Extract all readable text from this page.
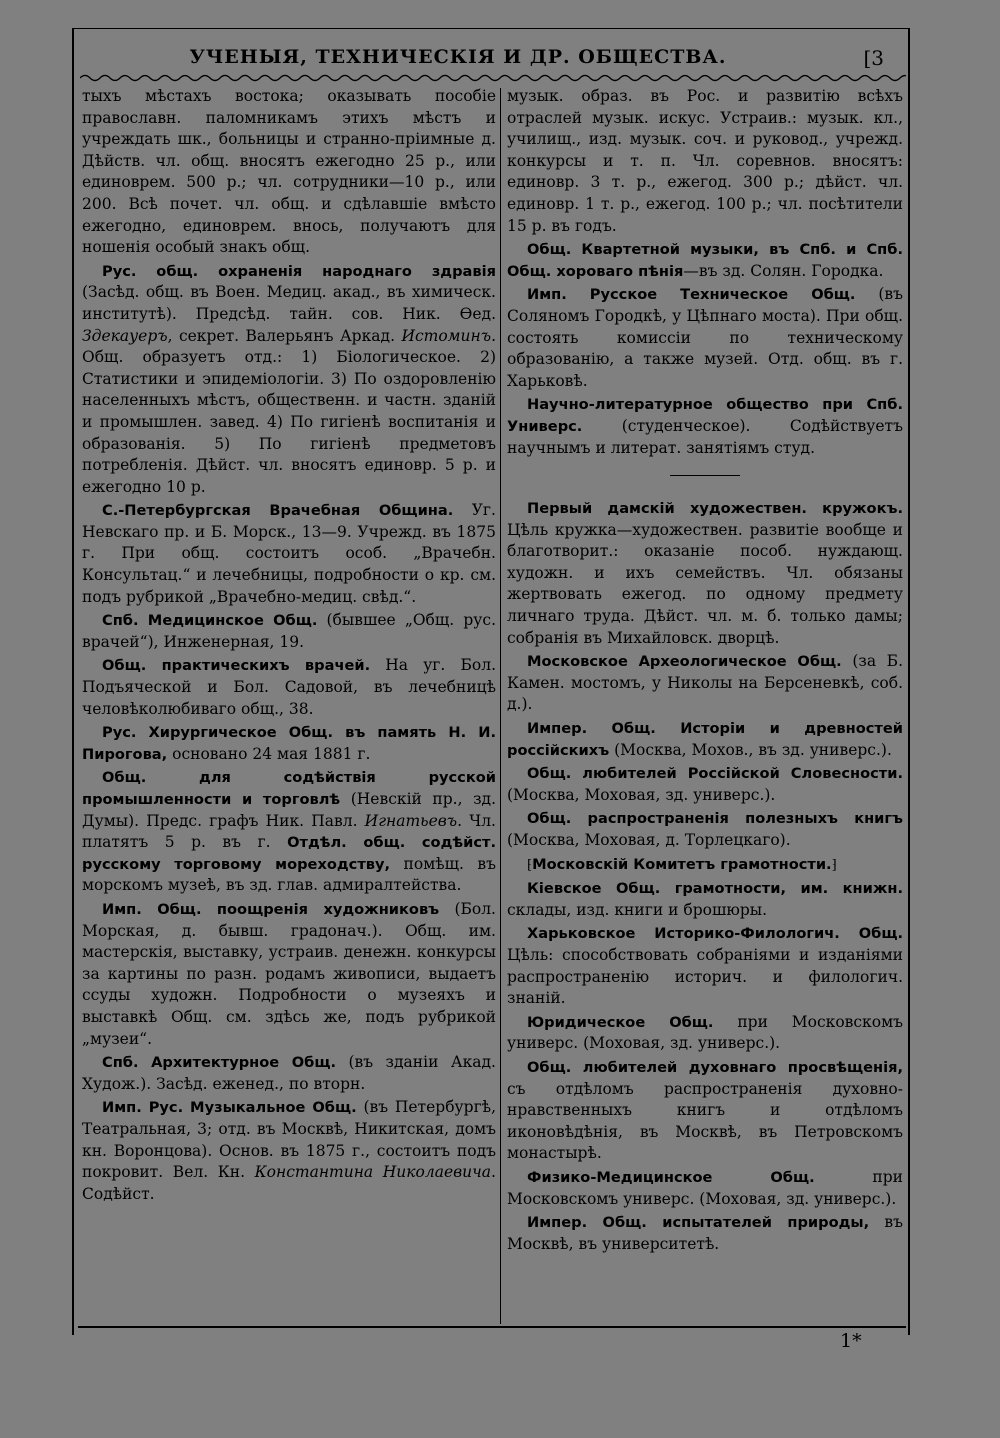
УЧЕНЫЯ, ТЕХНИЧЕСКІЯ И ДР. ОБЩЕСТВА.	[3

тыхъ мѣстахъ востока; оказывать пособіе православн. паломникамъ этихъ мѣстъ и учреждать шк., больницы и странно-пріимные д. Дѣйств. чл. общ. вносятъ ежегодно 25 р., или единоврем. 500 р.; чл. сотрудники—10 р., или 200. Всѣ почет. чл. общ. и сдѣлавшіе вмѣсто ежегодно, единоврем. внось, получаютъ для ношенія особый знакъ общ.

Рус. общ. охраненія народнаго здравія (Засѣд. общ. въ Воен. Медиц. акад., въ химическ. институтѣ). Предсѣд. тайн. сов. Ник. Ѳед. Здекауеръ, секрет. Валерьянъ Аркад. Истоминъ. Общ. образуетъ отд.: 1) Біологическое. 2) Статистики и эпидеміологіи. 3) По оздоровленію населенныхъ мѣстъ, общественн. и частн. зданій и промышлен. завед. 4) По гигіенѣ воспитанія и образованія. 5) По гигіенѣ предметовъ потребленія. Дѣйст. чл. вносятъ единовр. 5 р. и ежегодно 10 р.

С.-Петербургская Врачебная Община. Уг. Невскаго пр. и Б. Морск., 13—9. Учрежд. въ 1875 г. При общ. состоитъ особ. „Врачебн. Консультац.“ и лечебницы, подробности о кр. см. подъ рубрикой „Врачебно-медиц. свѣд.“.

Спб. Медицинское Общ. (бывшее „Общ. рус. врачей“), Инженерная, 19.

Общ. практическихъ врачей. На уг. Бол. Подъяческой и Бол. Садовой, въ лечебницѣ человѣколюбиваго общ., 38.

Рус. Хирургическое Общ. въ память Н. И. Пирогова, основано 24 мая 1881 г.

Общ. для содѣйствія русской промышленности и торговлѣ (Невскій пр., зд. Думы). Предс. графъ Ник. Павл. Игнатьевъ. Чл. платятъ 5 р. въ г. Отдѣл. общ. содѣйст. русскому торговому мореходству, помѣщ. въ морскомъ музеѣ, въ зд. глав. адмиралтейства.

Имп. Общ. поощренія художниковъ (Бол. Морская, д. бывш. градонач.). Общ. им. мастерскія, выставку, устраив. денежн. конкурсы за картины по разн. родамъ живописи, выдаетъ ссуды художн. Подробности о музеяхъ и выставкѣ Общ. см. здѣсь же, подъ рубрикой „музеи“.

Спб. Архитектурное Общ. (въ зданіи Акад. Худож.). Засѣд. еженед., по вторн.

Имп. Рус. Музыкальное Общ. (въ Петербургѣ, Театральная, 3; отд. въ Москвѣ, Никитская, домъ кн. Воронцова). Основ. въ 1875 г., состоитъ подъ покровит. Вел. Кн. Константина Николаевича. Содѣйст.

музык. образ. въ Рос. и развитію всѣхъ отраслей музык. искус. Устраив.: музык. кл., училищ., изд. музык. соч. и руковод., учрежд. конкурсы и т. п. Чл. соревнов. вносятъ: единовр. 3 т. р., ежегод. 300 р.; дѣйст. чл. единовр. 1 т. р., ежегод. 100 р.; чл. посѣтители 15 р. въ годъ.

Общ. Квартетной музыки, въ Спб. и Спб. Общ. хороваго пѣнія—въ зд. Солян. Городка.

Имп. Русское Техническое Общ. (въ Соляномъ Городкѣ, у Цѣпнаго моста). При общ. состоять комиссіи по техническому образованію, а также музей. Отд. общ. въ г. Харьковѣ.

Научно-литературное общество при Спб. Универс. (студенческое). Содѣйствуетъ научнымъ и литерат. занятіямъ студ.

Первый дамскій художествен. кружокъ. Цѣль кружка—художествен. развитіе вообще и благотворит.: оказаніе пособ. нуждающ. художн. и ихъ семействъ. Чл. обязаны жертвовать ежегод. по одному предмету личнаго труда. Дѣйст. чл. м. б. только дамы; собранія въ Михайловск. дворцѣ.

Московское Археологическое Общ. (за Б. Камен. мостомъ, у Николы на Берсеневкѣ, соб. д.).

Импер. Общ. Исторіи и древностей россійскихъ (Москва, Мохов., въ зд. универс.).

Общ. любителей Россійской Словесности. (Москва, Моховая, зд. универс.).

Общ. распространенія полезныхъ книгъ (Москва, Моховая, д. Торлецкаго).

⁅Московскій Комитетъ грамотности.⁆

Кіевское Общ. грамотности, им. книжн. склады, изд. книги и брошюры.

Харьковское Историко-Филологич. Общ. Цѣль: способствовать собраніями и изданіями распространенію историч. и филологич. знаній.

Юридическое Общ. при Московскомъ универс. (Моховая, зд. универс.).

Общ. любителей духовнаго просвѣщенія, съ отдѣломъ распространенія духовно-нравственныхъ книгъ и отдѣломъ иконовѣдѣнія, въ Москвѣ, въ Петровскомъ монастырѣ.

Физико-Медицинское Общ. при Московскомъ универс. (Моховая, зд. универс.).

Импер. Общ. испытателей природы, въ Москвѣ, въ университетѣ.

1*
